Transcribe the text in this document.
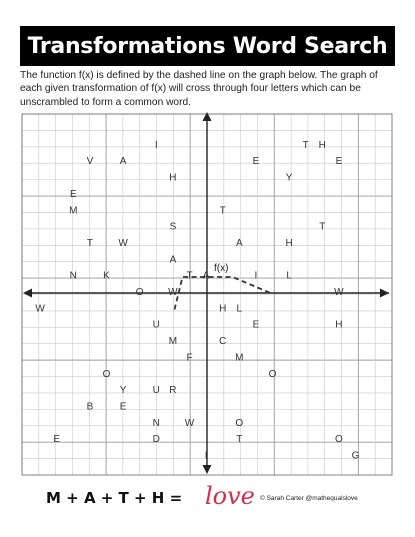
Transformations Word Search
The function f(x) is defined by the dashed line on the graph below. The graph of each given transformation of f(x) will cross through four letters which can be unscrambled to form a common word.
f(x)
I	T H
V	A	E	E
H	Y
E
M	T
S	T
T	W	A	H
A
N	K	T A	I	L
O W	W
W	H L
U	E	H
M	C
F	M
O	O
Y	U R
B	E
N W	O
E	D	T	O
I	G
M + A + T + H = love © Sarah Carter @mathequalslove
